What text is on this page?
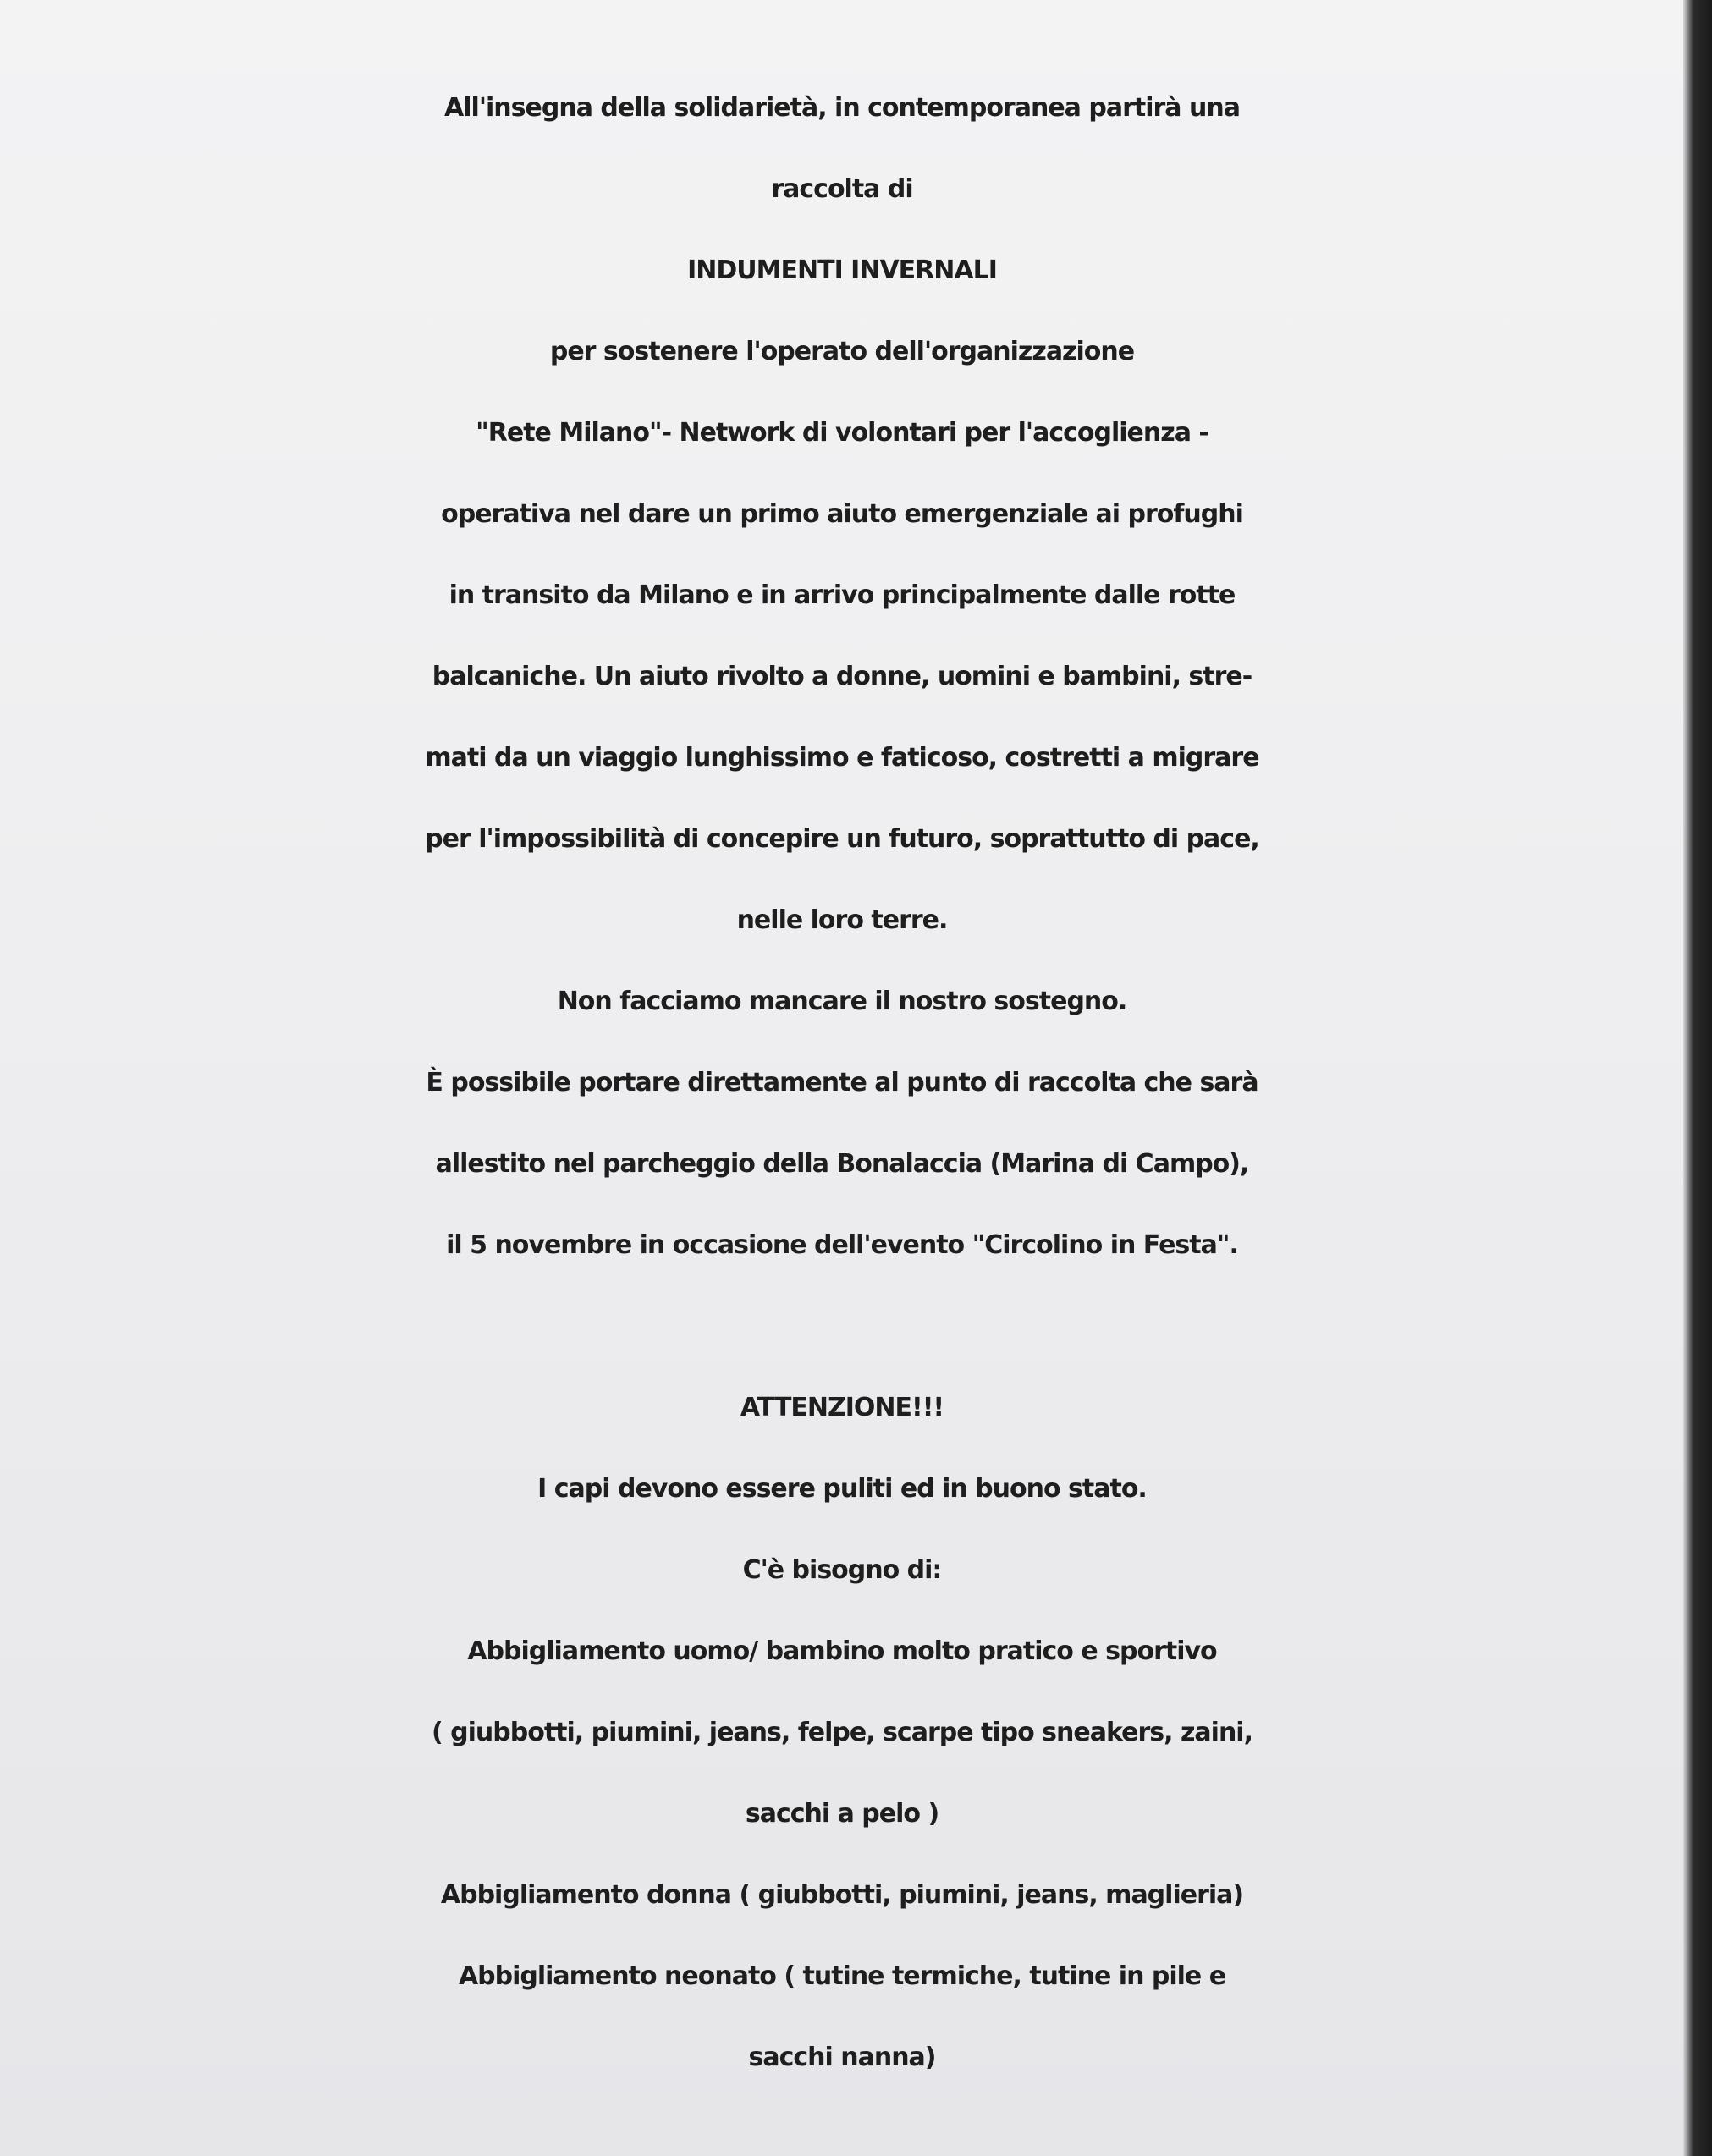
All'insegna della solidarietà, in contemporanea partirà una
raccolta di
INDUMENTI INVERNALI
per sostenere l'operato dell'organizzazione
"Rete Milano"- Network di volontari per l'accoglienza -
operativa nel dare un primo aiuto emergenziale ai profughi
in transito da Milano e in arrivo principalmente dalle rotte
balcaniche. Un aiuto rivolto a donne, uomini e bambini, stre-
mati da un viaggio lunghissimo e faticoso, costretti a migrare
per l'impossibilità di concepire un futuro, soprattutto di pace,
nelle loro terre.
Non facciamo mancare il nostro sostegno.
È possibile portare direttamente al punto di raccolta che sarà
allestito nel parcheggio della Bonalaccia (Marina di Campo),
il 5 novembre in occasione dell'evento "Circolino in Festa".
ATTENZIONE!!!
I capi devono essere puliti ed in buono stato.
C'è bisogno di:
Abbigliamento uomo/ bambino molto pratico e sportivo
( giubbotti, piumini, jeans, felpe, scarpe tipo sneakers, zaini,
sacchi a pelo )
Abbigliamento donna ( giubbotti, piumini, jeans, maglieria)
Abbigliamento neonato ( tutine termiche, tutine in pile e
sacchi nanna)
